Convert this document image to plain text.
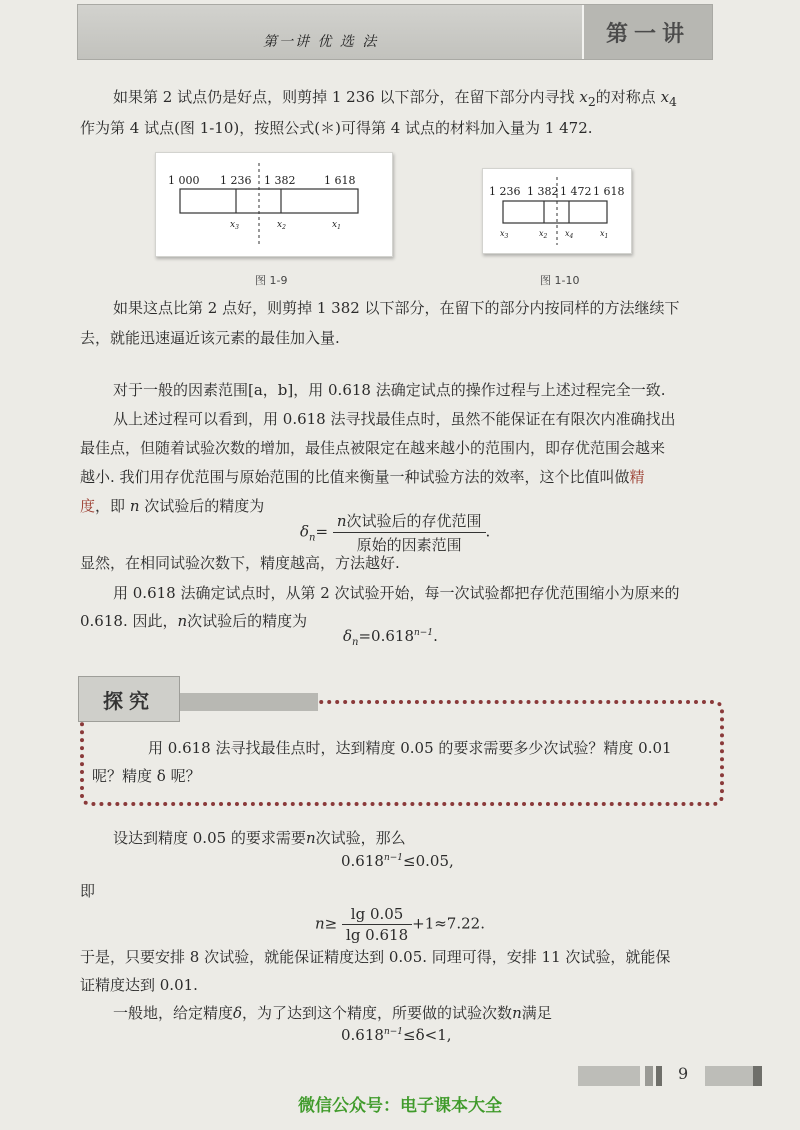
第一讲 优 选 法	第一讲

如果第 2 试点仍是好点，则剪掉 1 236 以下部分，在留下部分内寻找 $x_2$的对称点 $x_4$

作为第 4 试点(图 1-10)，按照公式(＊)可得第 4 试点的材料加入量为 1 472.

1 000 1 236 1 382	1 618
$x_3$	$x_2$	$x_1$
图 1-9
1 236 1 382 1 472 1 618
$x_3$	$x_2$ $x_4$	$x_1$
图 1-10

如果这点比第 2 点好，则剪掉 1 382 以下部分，在留下的部分内按同样的方法继续下

去，就能迅速逼近该元素的最佳加入量.

对于一般的因素范围[a，b]，用 0.618 法确定试点的操作过程与上述过程完全一致.

从上述过程可以看到，用 0.618 法寻找最佳点时，虽然不能保证在有限次内准确找出

最佳点，但随着试验次数的增加，最佳点被限定在越来越小的范围内，即存优范围会越来

越小. 我们用存优范围与原始范围的比值来衡量一种试验方法的效率，这个比值叫做精

度，即 n 次试验后的精度为

$\delta_n= \frac{\text{n次试验后的存优范围}}{\text{原始的因素范围}}$ .

显然，在相同试验次数下，精度越高，方法越好.

用 0.618 法确定试点时，从第 2 次试验开始，每一次试验都把存优范围缩小为原来的

0.618. 因此，n次试验后的精度为

$\delta_n=0.618^{n-1}$.
探究

用 0.618 法寻找最佳点时，达到精度 0.05 的要求需要多少次试验？精度 0.01

呢？精度 δ 呢？

设达到精度 0.05 的要求需要n次试验，那么

$0.618^{n-1}\le 0.05$,

即

$n\ge \frac{\lg 0.05}{\lg 0.618} +1\approx 7.22$.

于是，只要安排 8 次试验，就能保证精度达到 0.05. 同理可得，安排 11 次试验，就能保

证精度达到 0.01.

一般地，给定精度δ，为了达到这个精度，所要做的试验次数n满足

$0.618^{n-1}\le\delta<1$,
9
微信公众号：电子课本大全
